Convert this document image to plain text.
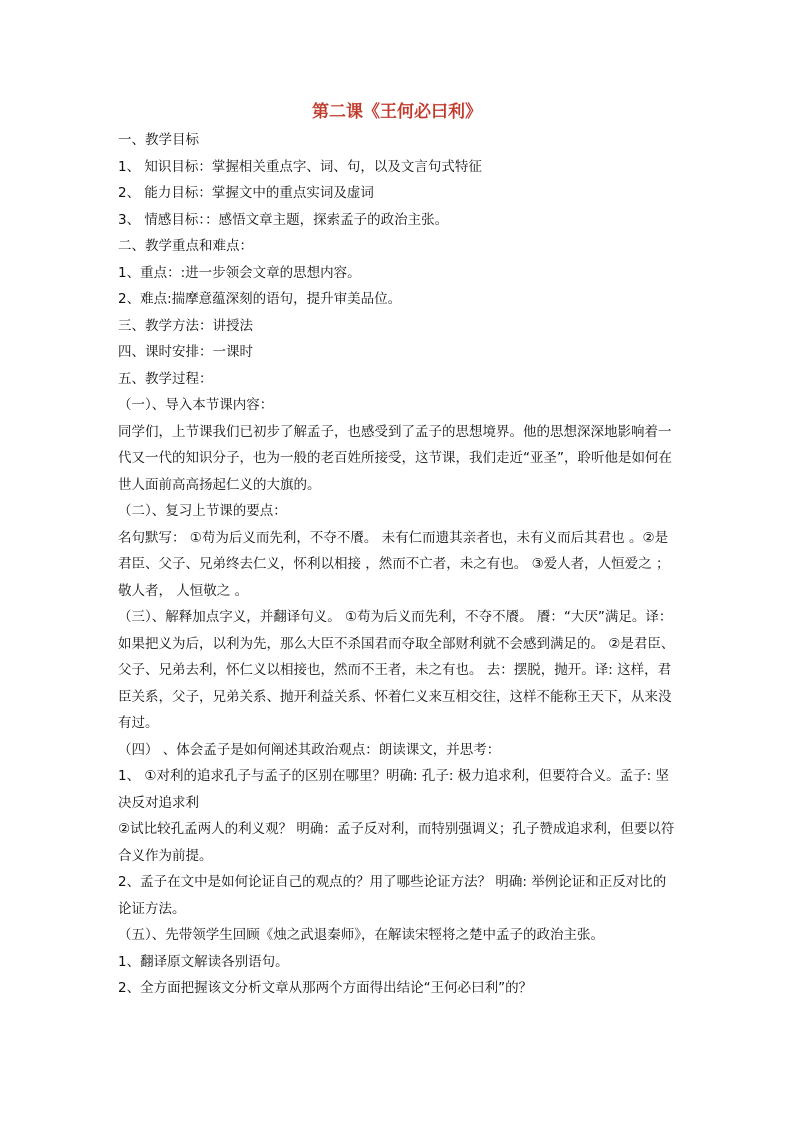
第二课《王何必曰利》

一、教学目标

1、 知识目标：掌握相关重点字、词、句，以及文言句式特征

2、 能力目标：掌握文中的重点实词及虚词

3、 情感目标：：感悟文章主题，探索孟子的政治主张。

二、教学重点和难点：

1、重点：:进一步领会文章的思想内容。

2、难点:揣摩意蕴深刻的语句，提升审美品位。

三、教学方法：讲授法

四、课时安排：一课时

五、教学过程：

（一）、导入本节课内容：

同学们，上节课我们已初步了解孟子，也感受到了孟子的思想境界。他的思想深深地影响着一代又一代的知识分子，也为一般的老百姓所接受，这节课，我们走近“亚圣”，聆听他是如何在世人面前高高扬起仁义的大旗的。

（二）、复习上节课的要点：

名句默写： ①苟为后义而先利，不夺不餍。 未有仁而遗其亲者也，未有义而后其君也 。②是君臣、父子、兄弟终去仁义，怀利以相接 ，然而不亡者，未之有也。 ③爱人者，人恒爱之 ；敬人者， 人恒敬之 。

（三）、解释加点字义，并翻译句义。 ①苟为后义而先利，不夺不餍。 餍：“大厌”满足。译：如果把义为后，以利为先，那么大臣不杀国君而夺取全部财利就不会感到满足的。 ②是君臣、父子、兄弟去利，怀仁义以相接也，然而不王者，未之有也。 去：摆脱，抛开。译: 这样，君臣关系，父子，兄弟关系、抛开利益关系、怀着仁义来互相交往，这样不能称王天下，从来没有过。

（四） 、体会孟子是如何阐述其政治观点：朗读课文，并思考：

1、 ①对利的追求孔子与孟子的区别在哪里？明确: 孔子: 极力追求利，但要符合义。孟子: 坚决反对追求利

②试比较孔孟两人的利义观？ 明确：孟子反对利，而特别强调义；孔子赞成追求利，但要以符合义作为前提。

2、孟子在文中是如何论证自己的观点的？用了哪些论证方法？ 明确: 举例论证和正反对比的论证方法。

（五）、先带领学生回顾《烛之武退秦师》，在解读宋牼将之楚中孟子的政治主张。

1、翻译原文解读各别语句。

2、全方面把握该文分析文章从那两个方面得出结论“王何必曰利”的？
